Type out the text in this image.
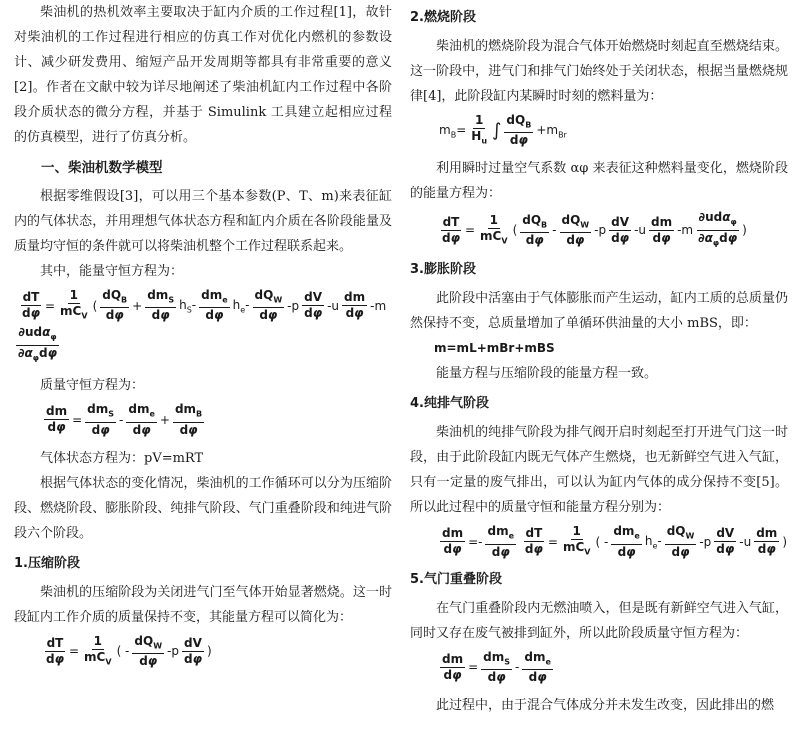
柴油机的热机效率主要取决于缸内介质的工作过程[1]，故针对柴油机的工作过程进行相应的仿真工作对优化内燃机的参数设计、减少研发费用、缩短产品开发周期等都具有非常重要的意义[2]。作者在文献中较为详尽地阐述了柴油机缸内工作过程中各阶段介质状态的微分方程，并基于 Simulink 工具建立起相应过程的仿真模型，进行了仿真分析。

一、柴油机数学模型

根据零维假设[3]，可以用三个基本参数(P、T、m)来表征缸内的气体状态，并用理想气体状态方程和缸内介质在各阶段能量及质量均守恒的条件就可以将柴油机整个工作过程联系起来。

其中，能量守恒方程为：

$\frac{dT}{d\varphi} = \frac{1}{mC_V}$ ( $\frac{dQ_B}{d\varphi} + \frac{dm_S}{d\varphi} h_S- \frac{dm_e}{d\varphi} h_e- \frac{dQ_W}{d\varphi} -p \frac{dV}{d\varphi} -u \frac{dm}{d\varphi} -m$
$\frac{\partial ud\alpha_\varphi}{\partial\alpha_\varphi d\varphi}$

质量守恒方程为：

$\frac{dm}{d\varphi} = \frac{dm_S}{d\varphi} - \frac{dm_e}{d\varphi} + \frac{dm_B}{d\varphi}$

气体状态方程为：pV=mRT

根据气体状态的变化情况，柴油机的工作循环可以分为压缩阶段、燃烧阶段、膨胀阶段、纯排气阶段、气门重叠阶段和纯进气阶段六个阶段。

1.压缩阶段

柴油机的压缩阶段为关闭进气门至气体开始显著燃烧。这一时段缸内工作介质的质量保持不变，其能量方程可以简化为：

$\frac{dT}{d\varphi} = \frac{1}{mC_V}$ ( - $\frac{dQ_W}{d\varphi} -p \frac{dV}{d\varphi}$ )
2.燃烧阶段

柴油机的燃烧阶段为混合气体开始燃烧时刻起直至燃烧结束。这一阶段中，进气门和排气门始终处于关闭状态，根据当量燃烧规律[4]，此阶段缸内某瞬时时刻的燃料量为：

$m_B= \frac{1}{H_u}$ ∫ $\frac{dQ_B}{d\varphi} +m_{Br}$

利用瞬时过量空气系数 αφ 来表征这种燃料量变化，燃烧阶段的能量方程为：

$\frac{dT}{d\varphi} = \frac{1}{mC_V}$ ( $\frac{dQ_B}{d\varphi} - \frac{dQ_W}{d\varphi} -p \frac{dV}{d\varphi} -u \frac{dm}{d\varphi} -m \frac{\partial ud\alpha_\varphi}{\partial\alpha_\varphi d\varphi}$ )
3.膨胀阶段

此阶段中活塞由于气体膨胀而产生运动，缸内工质的总质量仍然保持不变，总质量增加了单循环供油量的大小 mBS，即：

m=mL+mBr+mBS

能量方程与压缩阶段的能量方程一致。

4.纯排气阶段

柴油机的纯排气阶段为排气阀开启时刻起至打开进气门这一时段，由于此阶段缸内既无气体产生燃烧，也无新鲜空气进入气缸，只有一定量的废气排出，可以认为缸内气体的成分保持不变[5]。所以此过程中的质量守恒和能量方程分别为：

$\frac{dm}{d\varphi} =- \frac{dm_e}{d\varphi} \frac{dT}{d\varphi} = \frac{1}{mC_V}$ ( - $\frac{dm_e}{d\varphi} h_e- \frac{dQ_W}{d\varphi} -p \frac{dV}{d\varphi} -u \frac{dm}{d\varphi}$ )
5.气门重叠阶段

在气门重叠阶段内无燃油喷入，但是既有新鲜空气进入气缸，同时又存在废气被排到缸外，所以此阶段质量守恒方程为：

$\frac{dm}{d\varphi} = \frac{dm_S}{d\varphi} - \frac{dm_e}{d\varphi}$

此过程中，由于混合气体成分并未发生改变，因此排出的燃
